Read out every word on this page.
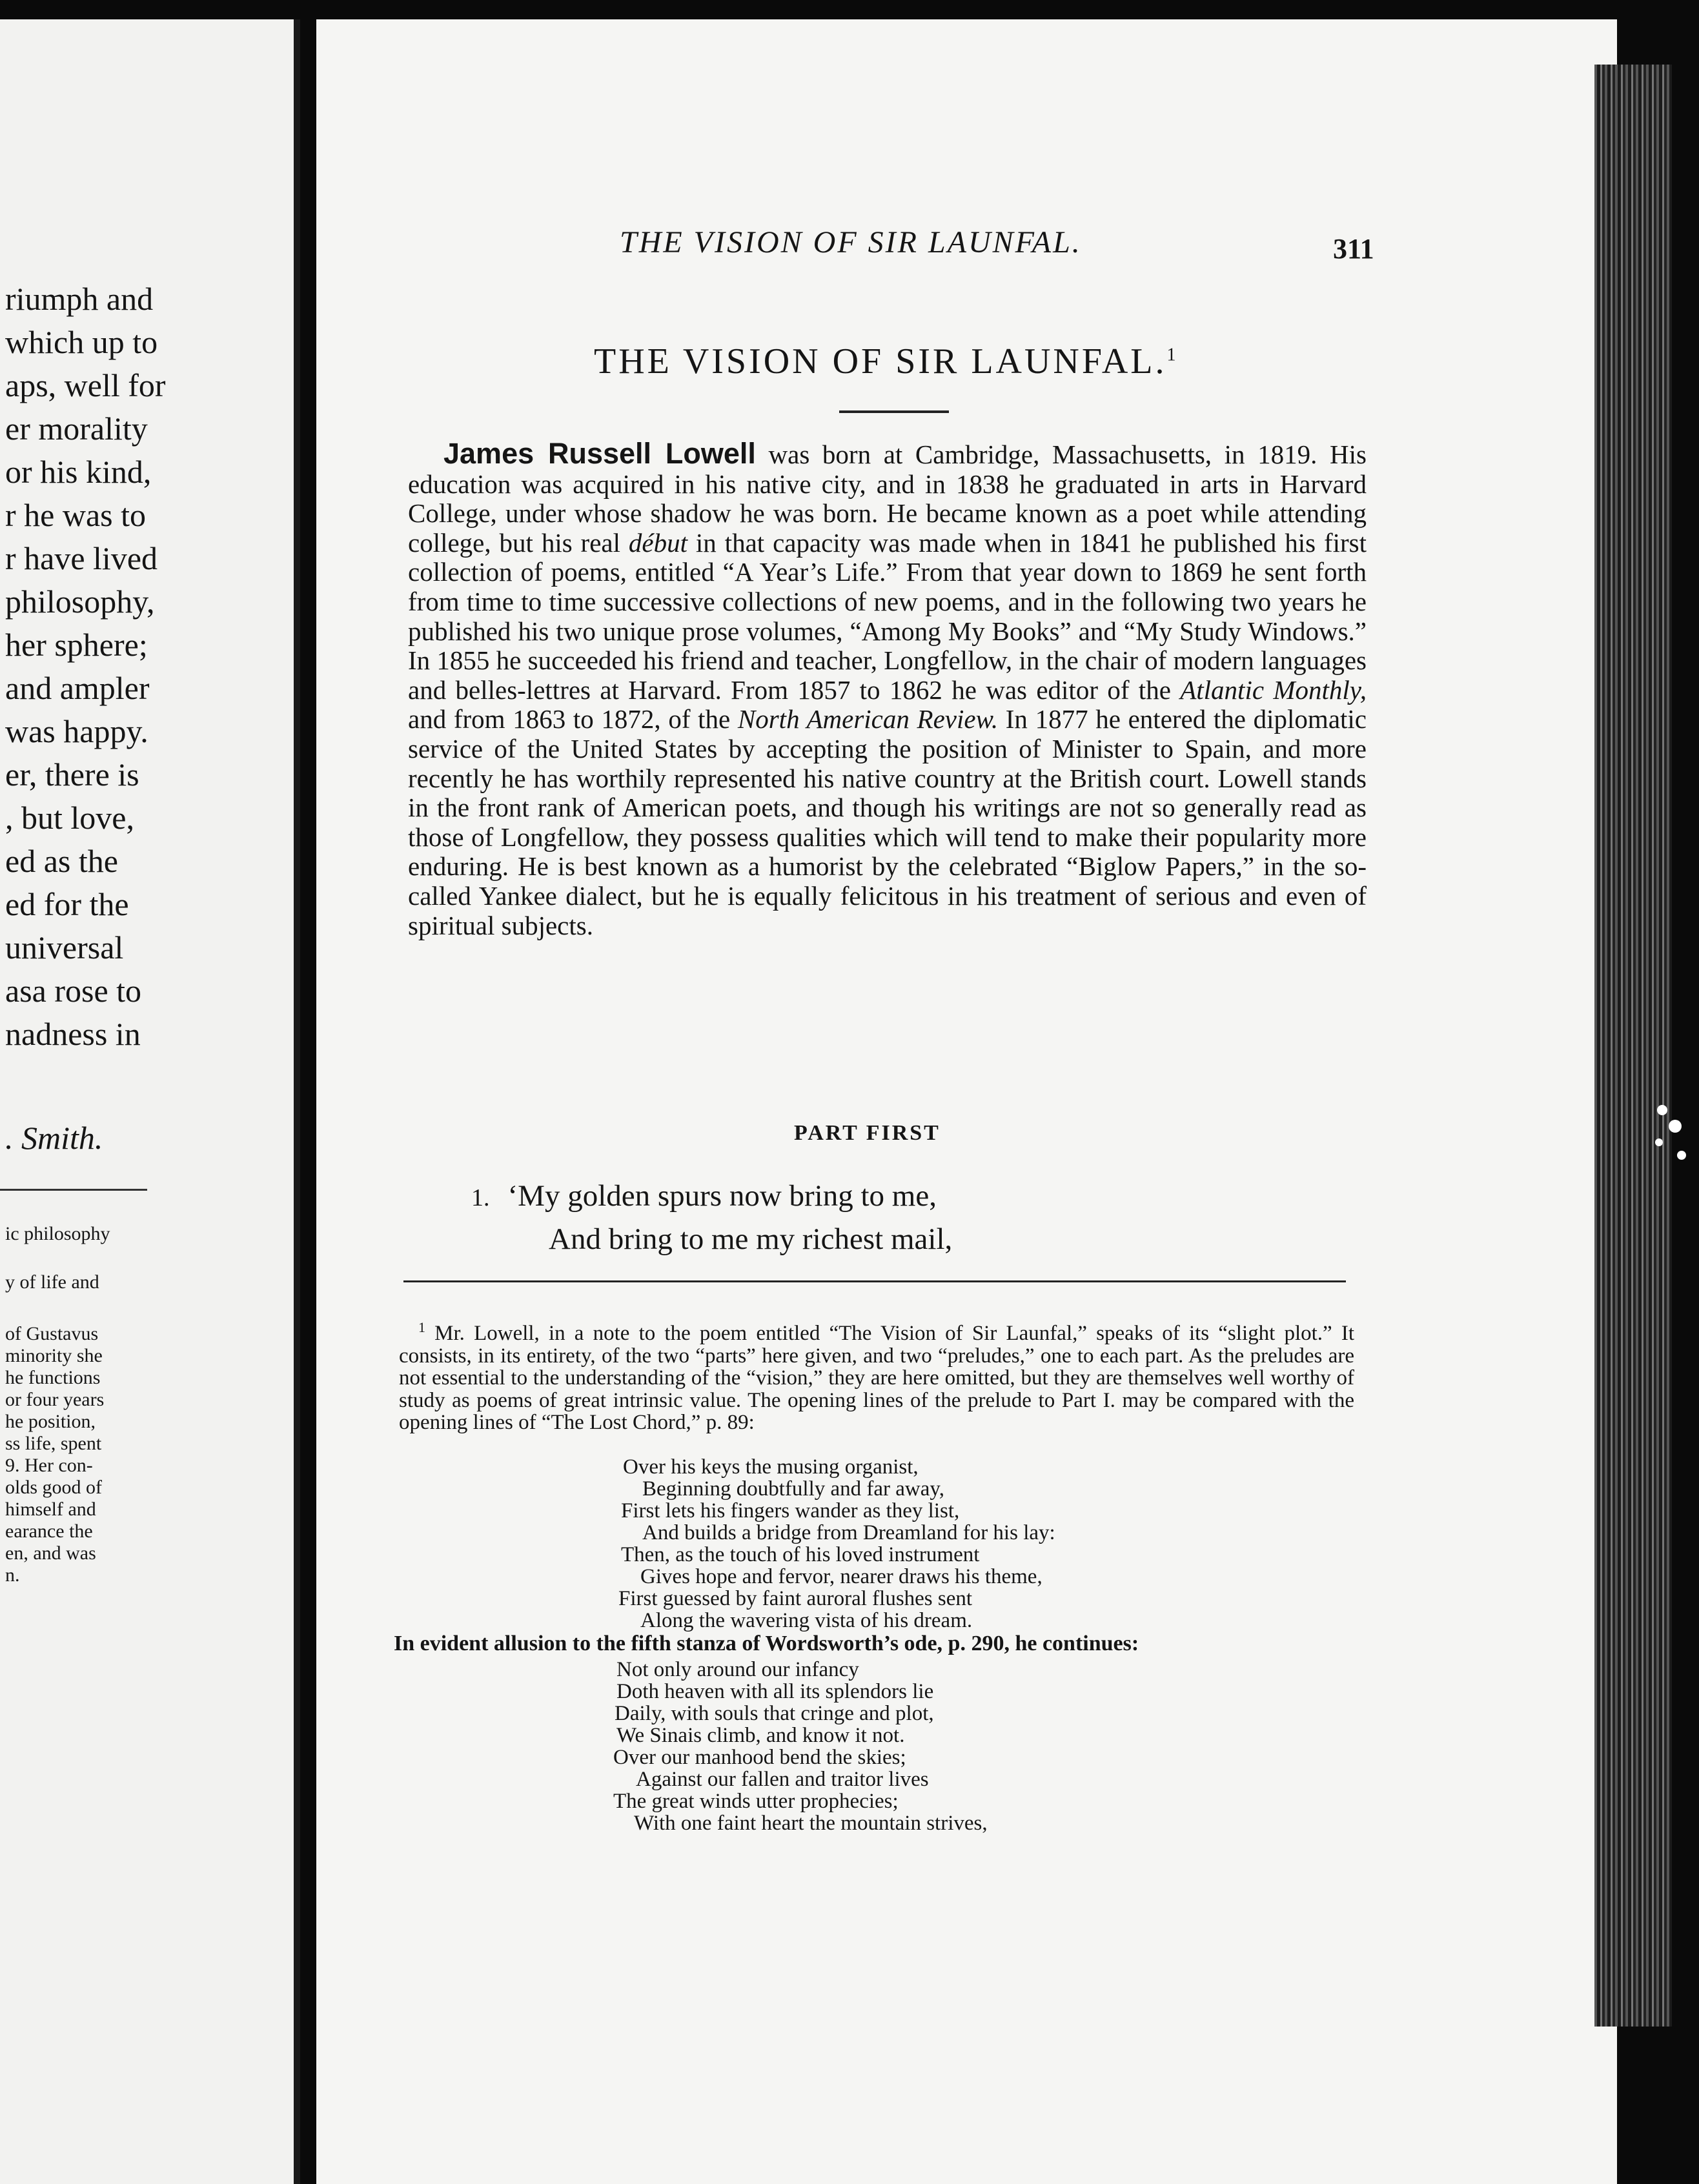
riumph and
which up to
aps, well for
er morality
or his kind,
r he was to
r have lived
philosophy,
her sphere;
and ampler
was happy.
er, there is
, but love,
ed as the
ed for the
universal
asa rose to
nadness in
. Smith.
ic philosophy
y of life and
of Gustavus
minority she
he functions
or four years
he position,
ss life, spent
9. Her con-
olds good of
himself and
earance the
en, and was
n.
THE VISION OF SIR LAUNFAL.	311
THE VISION OF SIR LAUNFAL.$^1$
James Russell Lowell was born at Cambridge, Massachusetts, in 1819. His education was acquired in his native city, and in 1838 he graduated in arts in Harvard College, under whose shadow he was born. He became known as a poet while attending college, but his real début in that capacity was made when in 1841 he published his first collection of poems, entitled “A Year’s Life.” From that year down to 1869 he sent forth from time to time successive collections of new poems, and in the following two years he published his two unique prose volumes, “Among My Books” and “My Study Windows.” In 1855 he succeeded his friend and teacher, Longfellow, in the chair of modern languages and belles-lettres at Harvard. From 1857 to 1862 he was editor of the Atlantic Monthly, and from 1863 to 1872, of the North American Review. In 1877 he entered the diplomatic service of the United States by accepting the position of Minister to Spain, and more recently he has worthily represented his native country at the British court. Lowell stands in the front rank of American poets, and though his writings are not so generally read as those of Longfellow, they possess qualities which will tend to make their popularity more enduring. He is best known as a humorist by the celebrated “Biglow Papers,” in the so-called Yankee dialect, but he is equally felicitous in his treatment of serious and even of spiritual subjects.
PART FIRST
1. ‘My golden spurs now bring to me,
And bring to me my richest mail,
$^1$ Mr. Lowell, in a note to the poem entitled “The Vision of Sir Launfal,” speaks of its “slight plot.” It consists, in its entirety, of the two “parts” here given, and two “preludes,” one to each part. As the preludes are not essential to the understanding of the “vision,” they are here omitted, but they are themselves well worthy of study as poems of great intrinsic value. The opening lines of the prelude to Part I. may be compared with the opening lines of “The Lost Chord,” p. 89:
Over his keys the musing organist,
Beginning doubtfully and far away,
First lets his fingers wander as they list,
And builds a bridge from Dreamland for his lay:
Then, as the touch of his loved instrument
Gives hope and fervor, nearer draws his theme,
First guessed by faint auroral flushes sent
Along the wavering vista of his dream.
In evident allusion to the fifth stanza of Wordsworth’s ode, p. 290, he continues:
Not only around our infancy
Doth heaven with all its splendors lie
Daily, with souls that cringe and plot,
We Sinais climb, and know it not.
Over our manhood bend the skies;
Against our fallen and traitor lives
The great winds utter prophecies;
With one faint heart the mountain strives,
